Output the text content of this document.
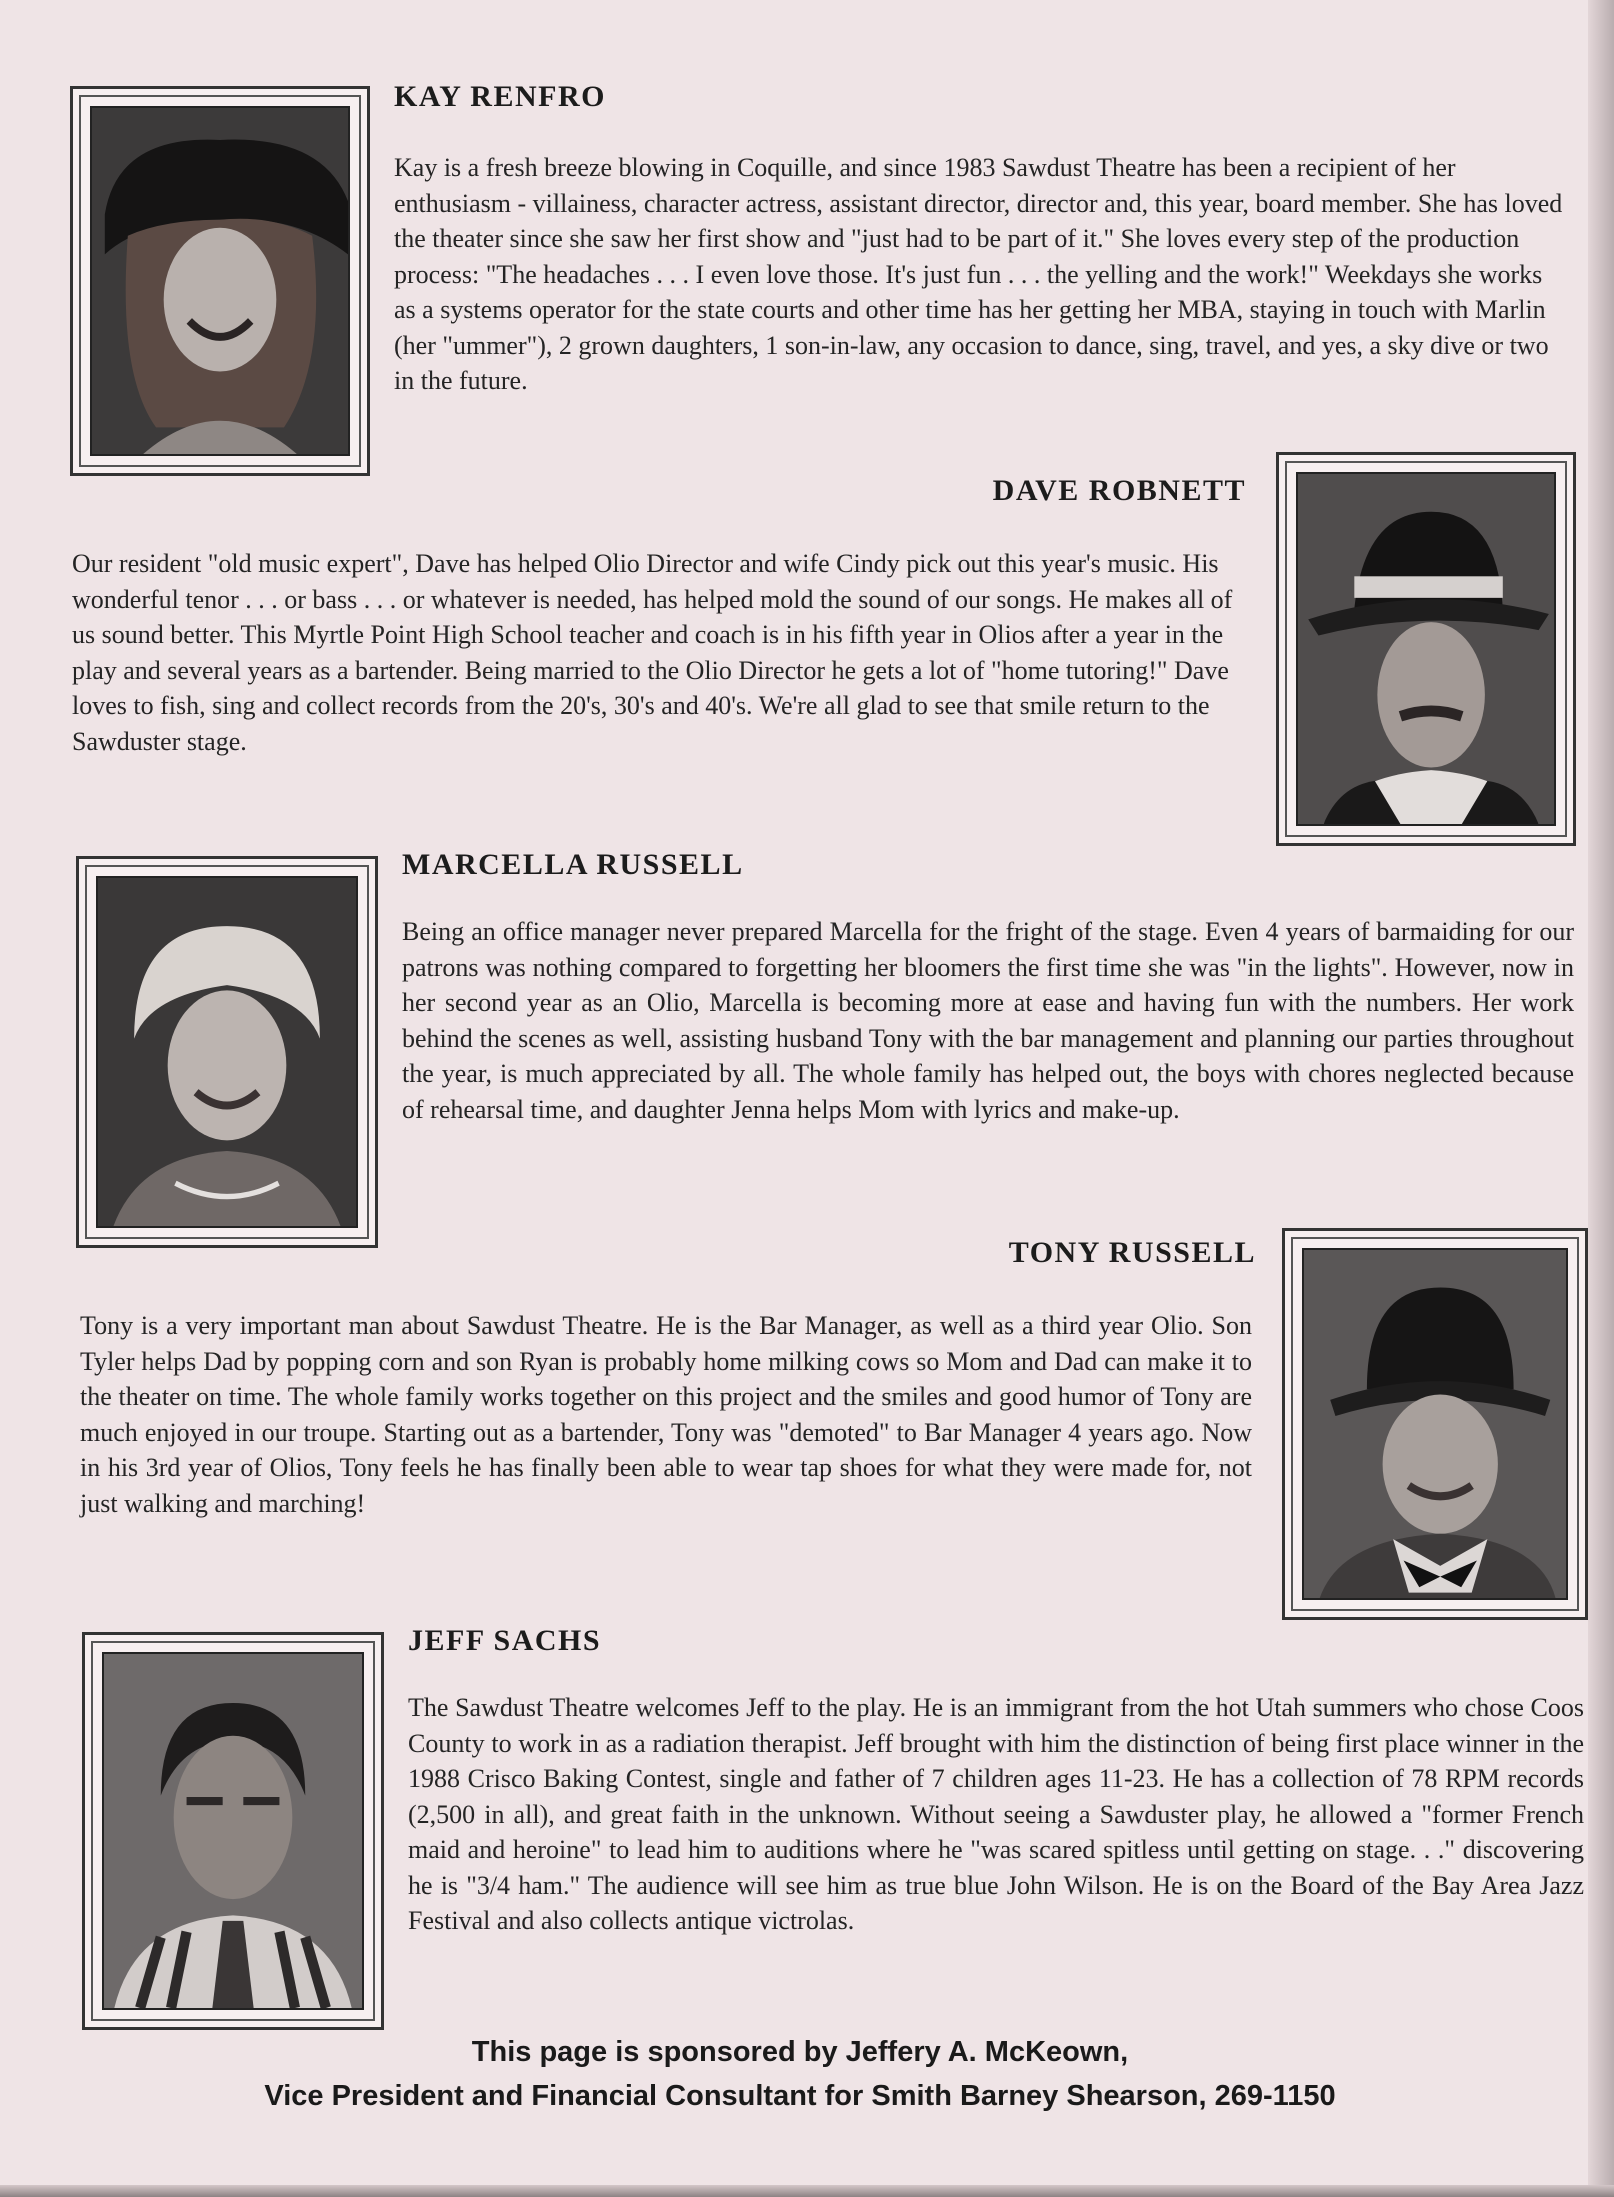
KAY RENFRO

Kay is a fresh breeze blowing in Coquille, and since 1983 Sawdust Theatre has been a recipient of her enthusiasm - villainess, character actress, assistant director, director and, this year, board member. She has loved the theater since she saw her first show and "just had to be part of it." She loves every step of the production process: "The headaches . . . I even love those. It's just fun . . . the yelling and the work!" Weekdays she works as a systems operator for the state courts and other time has her getting her MBA, staying in touch with Marlin (her "ummer"), 2 grown daughters, 1 son-in-law, any occasion to dance, sing, travel, and yes, a sky dive or two in the future.

DAVE ROBNETT

Our resident "old music expert", Dave has helped Olio Director and wife Cindy pick out this year's music. His wonderful tenor . . . or bass . . . or whatever is needed, has helped mold the sound of our songs. He makes all of us sound better. This Myrtle Point High School teacher and coach is in his fifth year in Olios after a year in the play and several years as a bartender. Being married to the Olio Director he gets a lot of "home tutoring!" Dave loves to fish, sing and collect records from the 20's, 30's and 40's. We're all glad to see that smile return to the Sawduster stage.

MARCELLA RUSSELL

Being an office manager never prepared Marcella for the fright of the stage. Even 4 years of barmaiding for our patrons was nothing compared to forgetting her bloomers the first time she was "in the lights". However, now in her second year as an Olio, Marcella is becoming more at ease and having fun with the numbers. Her work behind the scenes as well, assisting husband Tony with the bar management and planning our parties throughout the year, is much appreciated by all. The whole family has helped out, the boys with chores neglected because of rehearsal time, and daughter Jenna helps Mom with lyrics and make-up.

TONY RUSSELL

Tony is a very important man about Sawdust Theatre. He is the Bar Manager, as well as a third year Olio. Son Tyler helps Dad by popping corn and son Ryan is probably home milking cows so Mom and Dad can make it to the theater on time. The whole family works together on this project and the smiles and good humor of Tony are much enjoyed in our troupe. Starting out as a bartender, Tony was "demoted" to Bar Manager 4 years ago. Now in his 3rd year of Olios, Tony feels he has finally been able to wear tap shoes for what they were made for, not just walking and marching!

JEFF SACHS

The Sawdust Theatre welcomes Jeff to the play. He is an immigrant from the hot Utah summers who chose Coos County to work in as a radiation therapist. Jeff brought with him the distinction of being first place winner in the 1988 Crisco Baking Contest, single and father of 7 children ages 11-23. He has a collection of 78 RPM records (2,500 in all), and great faith in the unknown. Without seeing a Sawduster play, he allowed a "former French maid and heroine" to lead him to auditions where he "was scared spitless until getting on stage. . ." discovering he is "3/4 ham." The audience will see him as true blue John Wilson. He is on the Board of the Bay Area Jazz Festival and also collects antique victrolas.

This page is sponsored by Jeffery A. McKeown,
Vice President and Financial Consultant for Smith Barney Shearson, 269-1150
